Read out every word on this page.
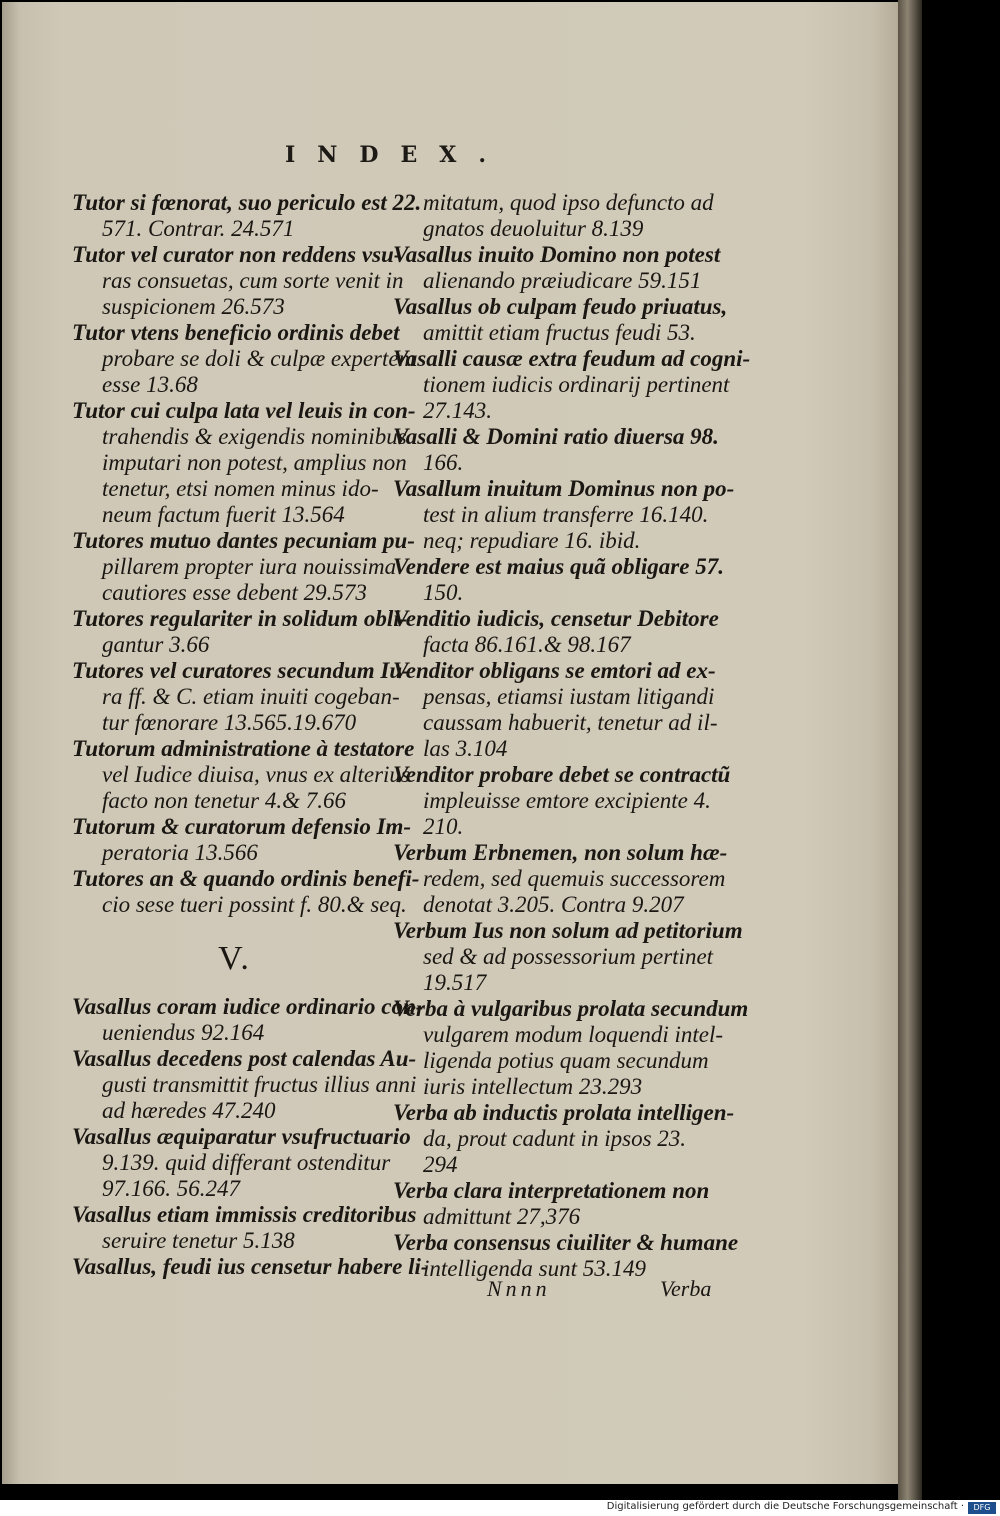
INDEX.
Tutor si fœnorat, suo periculo est 22.
571. Contrar. 24.571
Tutor vel curator non reddens vsu-
ras consuetas, cum sorte venit in
suspicionem 26.573
Tutor vtens beneficio ordinis debet
probare se doli & culpæ expertem
esse 13.68
Tutor cui culpa lata vel leuis in con-
trahendis & exigendis nominibus
imputari non potest, amplius non
tenetur, etsi nomen minus ido-
neum factum fuerit 13.564
Tutores mutuo dantes pecuniam pu-
pillarem propter iura nouissima
cautiores esse debent 29.573
Tutores regulariter in solidum obli-
gantur 3.66
Tutores vel curatores secundum Iu-
ra ff. & C. etiam inuiti cogeban-
tur fœnorare 13.565.19.670
Tutorum administratione à testatore
vel Iudice diuisa, vnus ex alterius
facto non tenetur 4.& 7.66
Tutorum & curatorum defensio Im-
peratoria 13.566
Tutores an & quando ordinis benefi-
cio sese tueri possint f. 80.& seq.
V.
Vasallus coram iudice ordinario con-
ueniendus 92.164
Vasallus decedens post calendas Au-
gusti transmittit fructus illius anni
ad hæredes 47.240
Vasallus æquiparatur vsufructuario
9.139. quid differant ostenditur
97.166. 56.247
Vasallus etiam immissis creditoribus
seruire tenetur 5.138
Vasallus, feudi ius censetur habere li-
mitatum, quod ipso defuncto ad
gnatos deuoluitur 8.139
Vasallus inuito Domino non potest
alienando præiudicare 59.151
Vasallus ob culpam feudo priuatus,
amittit etiam fructus feudi 53.
Vasalli causæ extra feudum ad cogni-
tionem iudicis ordinarij pertinent
27.143.
Vasalli & Domini ratio diuersa 98.
166.
Vasallum inuitum Dominus non po-
test in alium transferre 16.140.
neq; repudiare 16. ibid.
Vendere est maius quã obligare 57.
150.
Venditio iudicis, censetur Debitore
facta 86.161.& 98.167
Venditor obligans se emtori ad ex-
pensas, etiamsi iustam litigandi
caussam habuerit, tenetur ad il-
las 3.104
Venditor probare debet se contractũ
impleuisse emtore excipiente 4.
210.
Verbum Erbnemen, non solum hæ-
redem, sed quemuis successorem
denotat 3.205. Contra 9.207
Verbum Ius non solum ad petitorium
sed & ad possessorium pertinet
19.517
Verba à vulgaribus prolata secundum
vulgarem modum loquendi intel-
ligenda potius quam secundum
iuris intellectum 23.293
Verba ab inductis prolata intelligen-
da, prout cadunt in ipsos 23.
294
Verba clara interpretationem non
admittunt 27,376
Verba consensus ciuiliter & humane
intelligenda sunt 53.149
Nnnn	Verba
Digitalisierung gefördert durch die Deutsche Forschungsgemeinschaft ·	DFG
